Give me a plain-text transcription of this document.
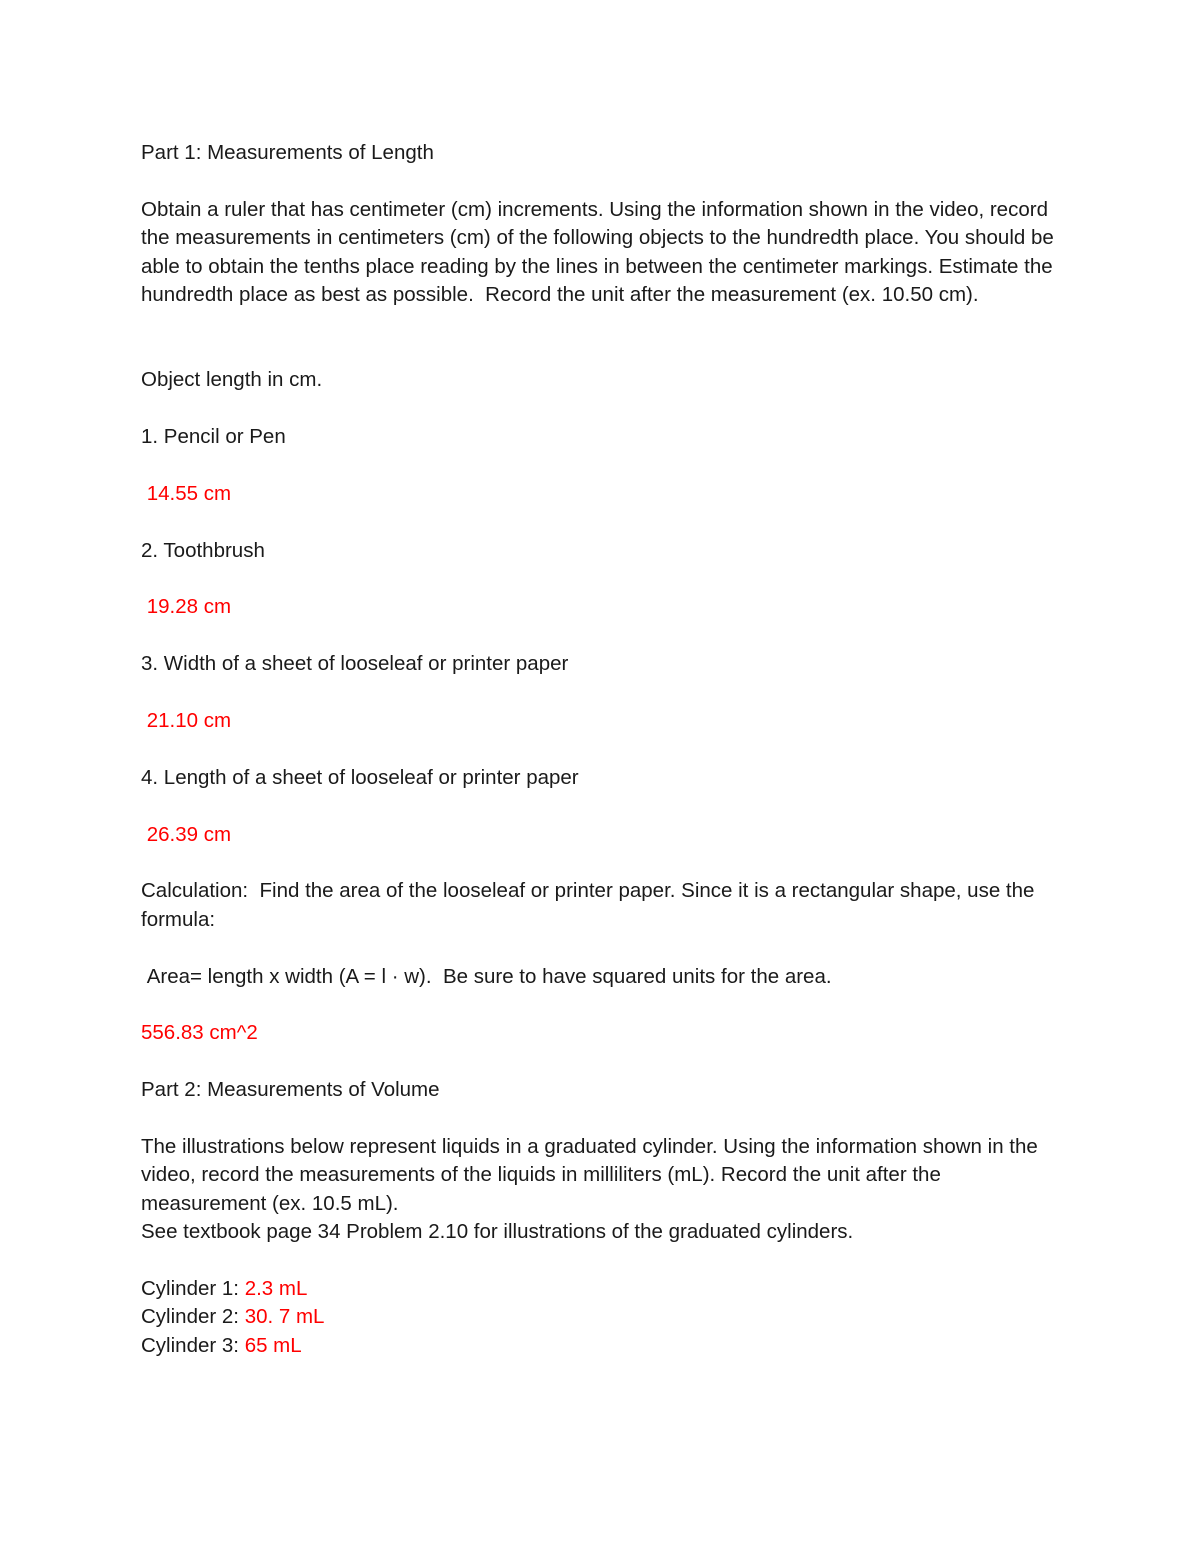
Part 1: Measurements of Length

Obtain a ruler that has centimeter (cm) increments. Using the information shown in the video, record the measurements in centimeters (cm) of the following objects to the hundredth place. You should be able to obtain the tenths place reading by the lines in between the centimeter markings. Estimate the hundredth place as best as possible.  Record the unit after the measurement (ex. 10.50 cm).

Object length in cm.

1. Pencil or Pen

14.55 cm

2. Toothbrush

19.28 cm

3. Width of a sheet of looseleaf or printer paper

21.10 cm

4. Length of a sheet of looseleaf or printer paper

26.39 cm

Calculation:  Find the area of the looseleaf or printer paper. Since it is a rectangular shape, use the formula:

Area= length x width (A = l · w).  Be sure to have squared units for the area.

556.83 cm^2

Part 2: Measurements of Volume

The illustrations below represent liquids in a graduated cylinder. Using the information shown in the video, record the measurements of the liquids in milliliters (mL). Record the unit after the measurement (ex. 10.5 mL).

See textbook page 34 Problem 2.10 for illustrations of the graduated cylinders.

Cylinder 1: 2.3 mL

Cylinder 2: 30. 7 mL

Cylinder 3: 65 mL
